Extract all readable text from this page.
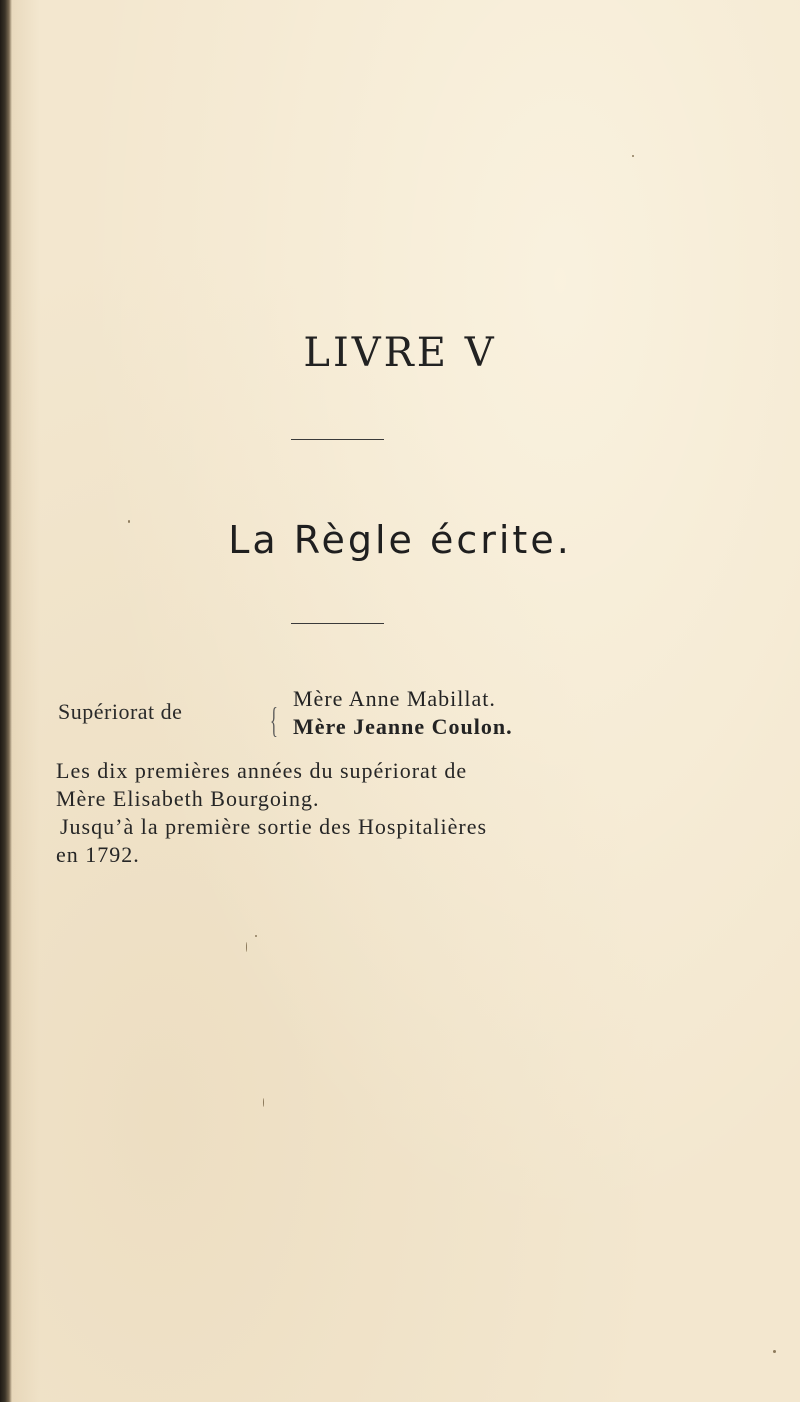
LIVRE V
La Règle écrite.
Supériorat de {
Mère Anne Mabillat.
Mère Jeanne Coulon.
Les dix premières années du supériorat de
Mère Elisabeth Bourgoing.
Jusqu’à la première sortie des Hospitalières
en 1792.
